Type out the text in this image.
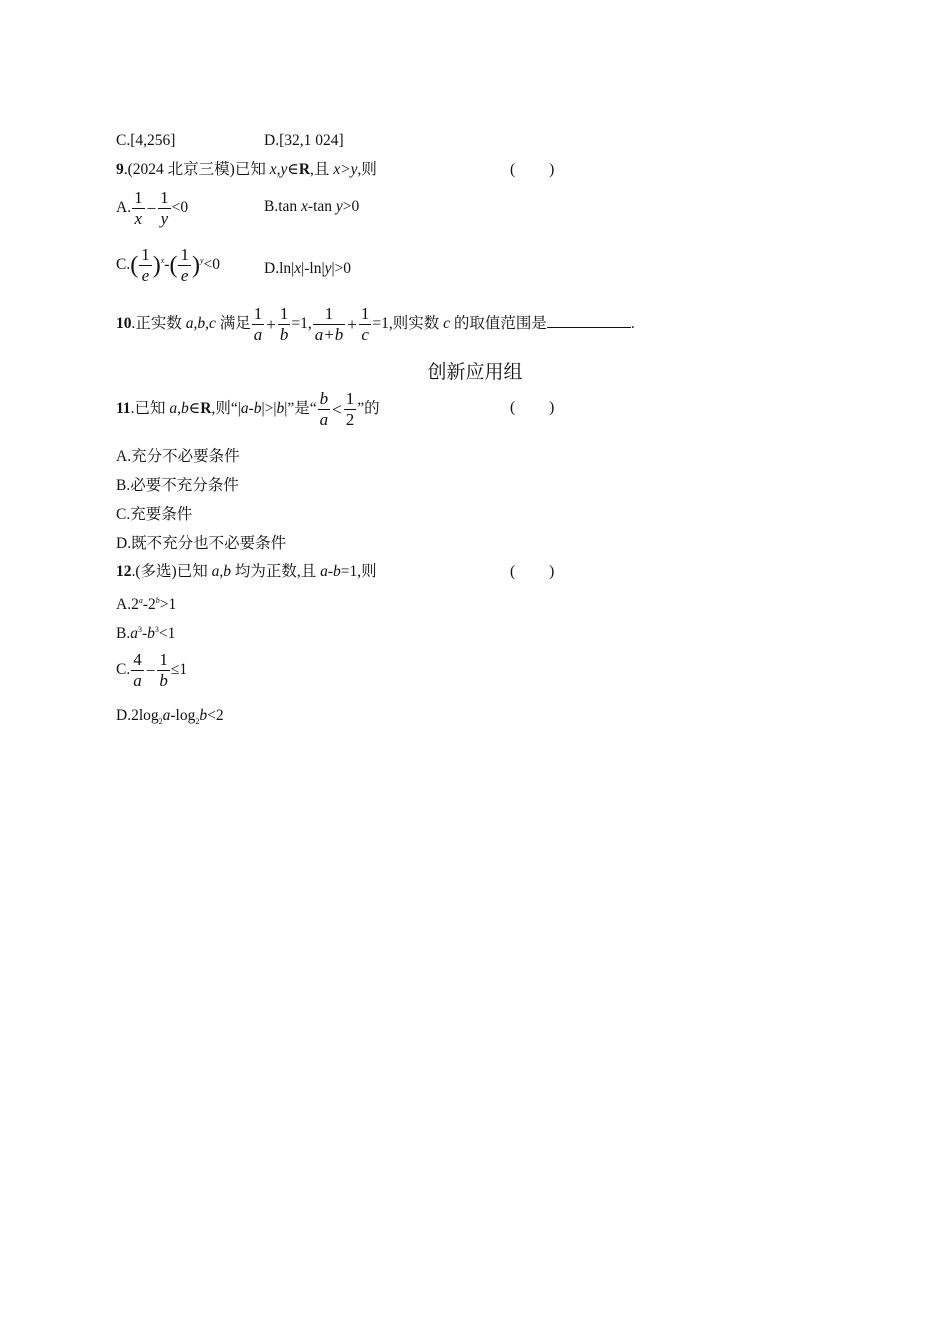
C.[4,256]	D.[32,1 024]
9.(2024 北京三模)已知 x,y∈R,且 x>y,则	( )
A. $\frac{1}{x} - \frac{1}{y} <0$	B.tan x-tan y>0
$C.( \frac{1}{e} )^x-( \frac{1}{e} )^y<0$	D.ln|x|-ln|y|>0
10.正实数 a,b,c 满足 $\frac{1}{a} + \frac{1}{b} =1$, $\frac{1}{a+b} + \frac{1}{c} =1$,则实数 c 的取值范围是	.
创新应用组
11.已知 a,b∈R,则“|a-b|>|b|”是“ $\frac{b}{a} < \frac{1}{2}$ ”的	( )
A.充分不必要条件
B.必要不充分条件
C.充要条件
D.既不充分也不必要条件
12.(多选)已知 a,b 均为正数,且 a-b=1,则	( )
$A.2^a-2^b>1$
$B.a^3-b^3<1$
C. $\frac{4}{a} - \frac{1}{b} \le 1$
$D.2\log_2a-\log_2b<2$
